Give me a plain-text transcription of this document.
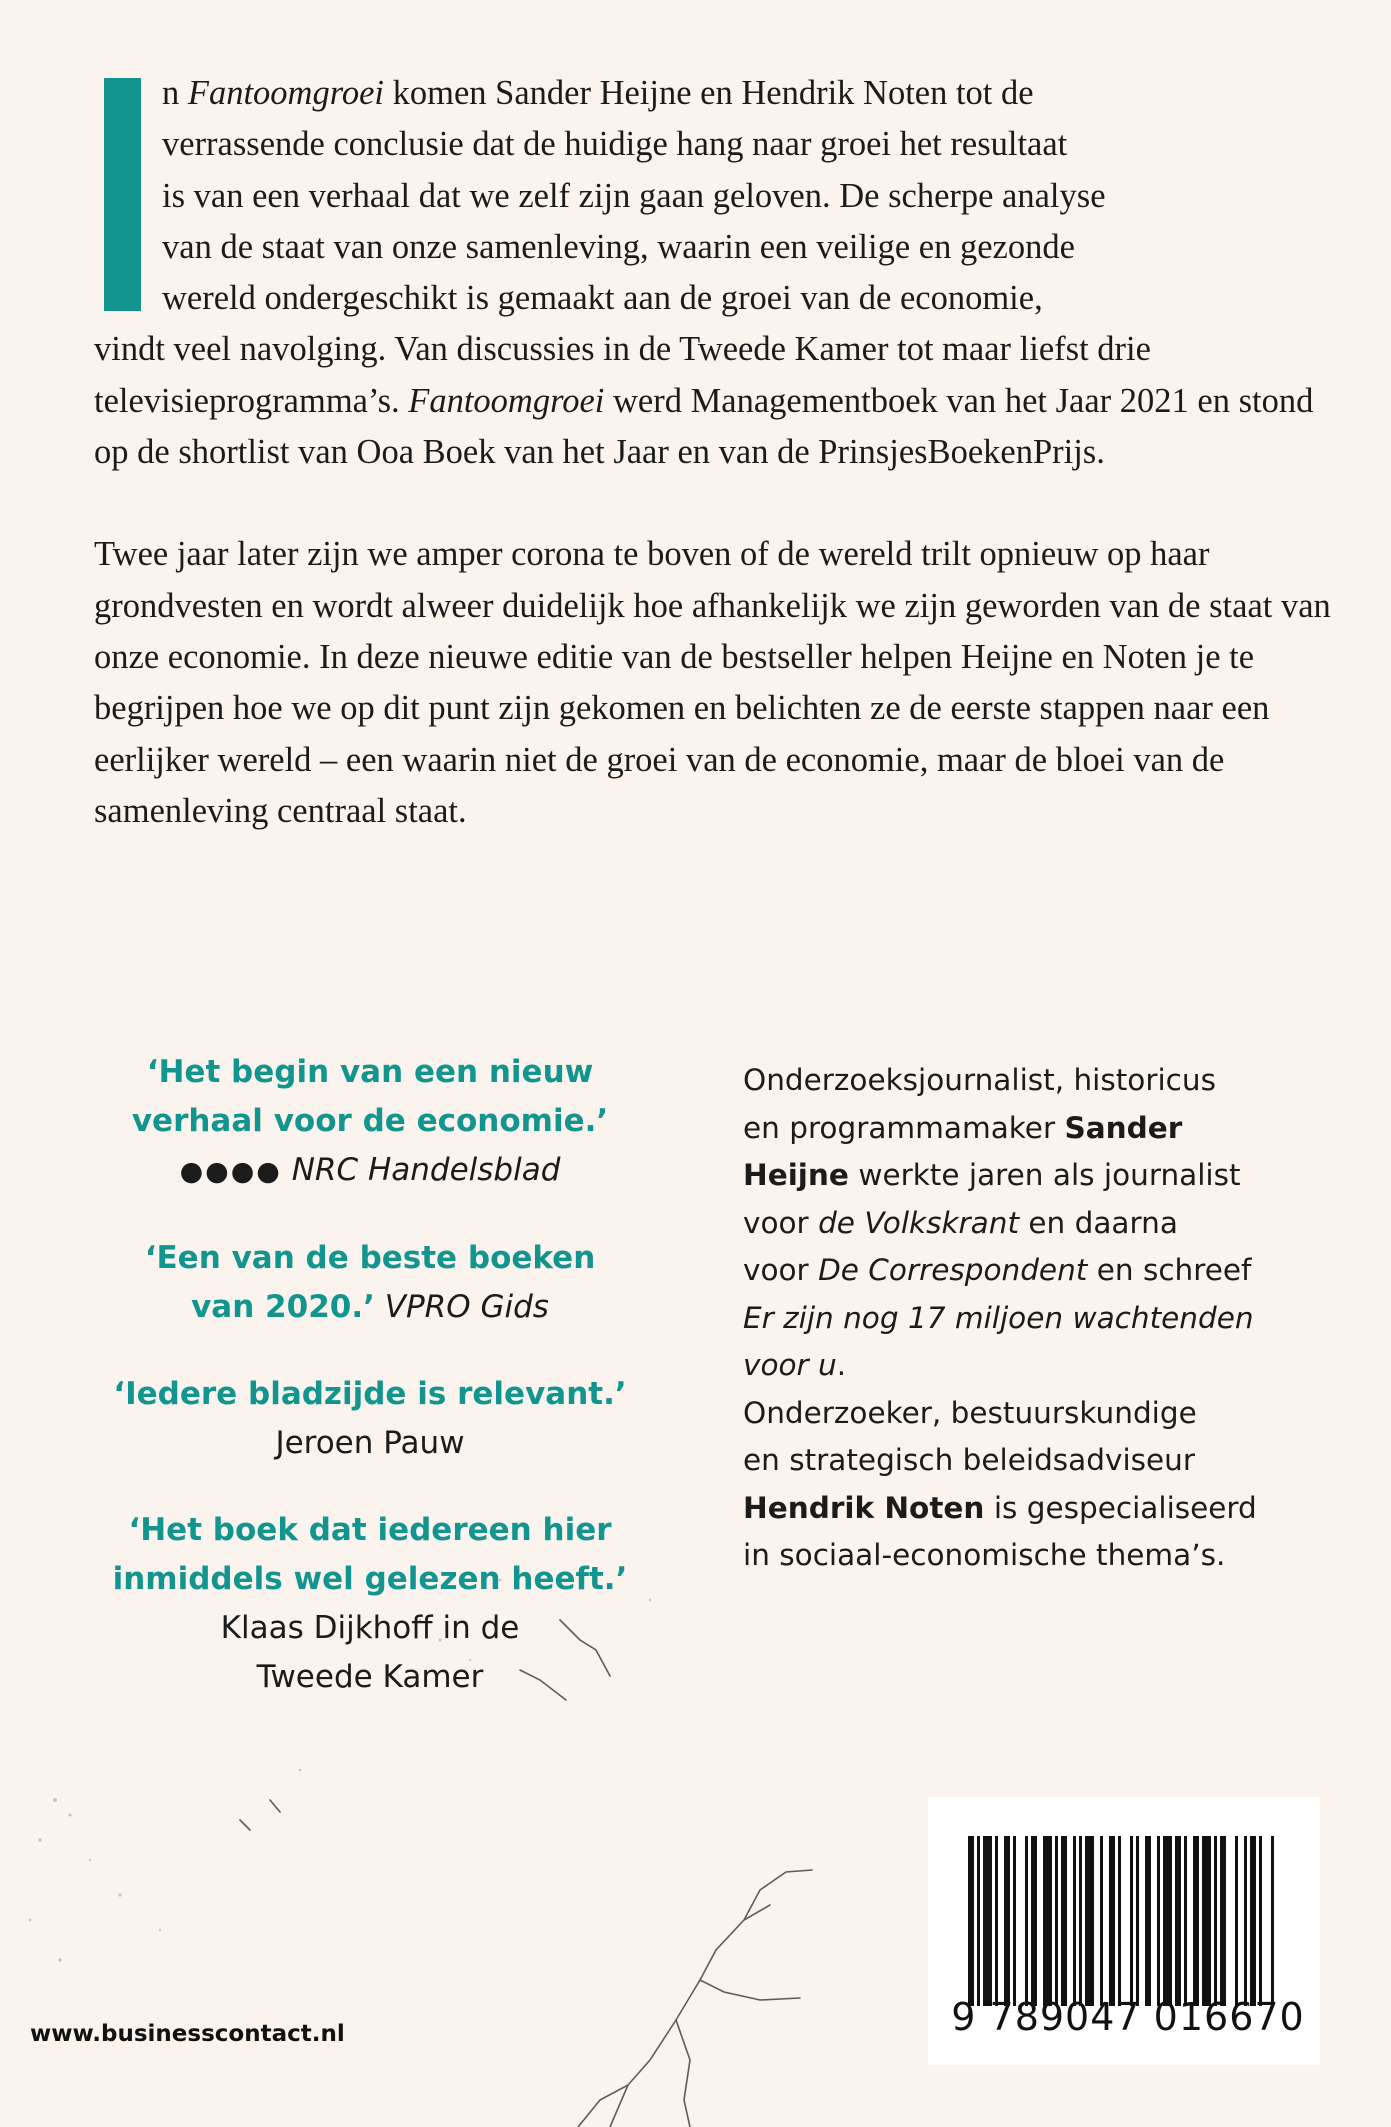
n Fantoomgroei komen Sander Heijne en Hendrik Noten tot de
verrassende conclusie dat de huidige hang naar groei het resultaat
is van een verhaal dat we zelf zijn gaan geloven. De scherpe analyse
van de staat van onze samenleving, waarin een veilige en gezonde
wereld ondergeschikt is gemaakt aan de groei van de economie,
vindt veel navolging. Van discussies in de Tweede Kamer tot maar liefst drie televisieprogramma’s. Fantoomgroei werd Managementboek van het Jaar 2021 en stond op de shortlist van Ooa Boek van het Jaar en van de PrinsjesBoekenPrijs.

Twee jaar later zijn we amper corona te boven of de wereld trilt opnieuw op haar grondvesten en wordt alweer duidelijk hoe afhankelijk we zijn geworden van de staat van onze economie. In deze nieuwe editie van de bestseller helpen Heijne en Noten je te begrijpen hoe we op dit punt zijn gekomen en belichten ze de eerste stappen naar een eerlijker wereld – een waarin niet de groei van de economie, maar de bloei van de samenleving centraal staat.

‘Het begin van een nieuw
verhaal voor de economie.’
●●●● NRC Handelsblad
‘Een van de beste boeken
van 2020.’ VPRO Gids
‘Iedere bladzijde is relevant.’
Jeroen Pauw
‘Het boek dat iedereen hier
inmiddels wel gelezen heeft.’
Klaas Dijkhoff in de
Tweede Kamer
Onderzoeksjournalist, historicus
en programmamaker Sander
Heijne werkte jaren als journalist
voor de Volkskrant en daarna
voor De Correspondent en schreef
Er zijn nog 17 miljoen wachtenden
voor u.
Onderzoeker, bestuurskundige
en strategisch beleidsadviseur
Hendrik Noten is gespecialiseerd
in sociaal-economische thema’s.
9 789047 016670
www.businesscontact.nl
